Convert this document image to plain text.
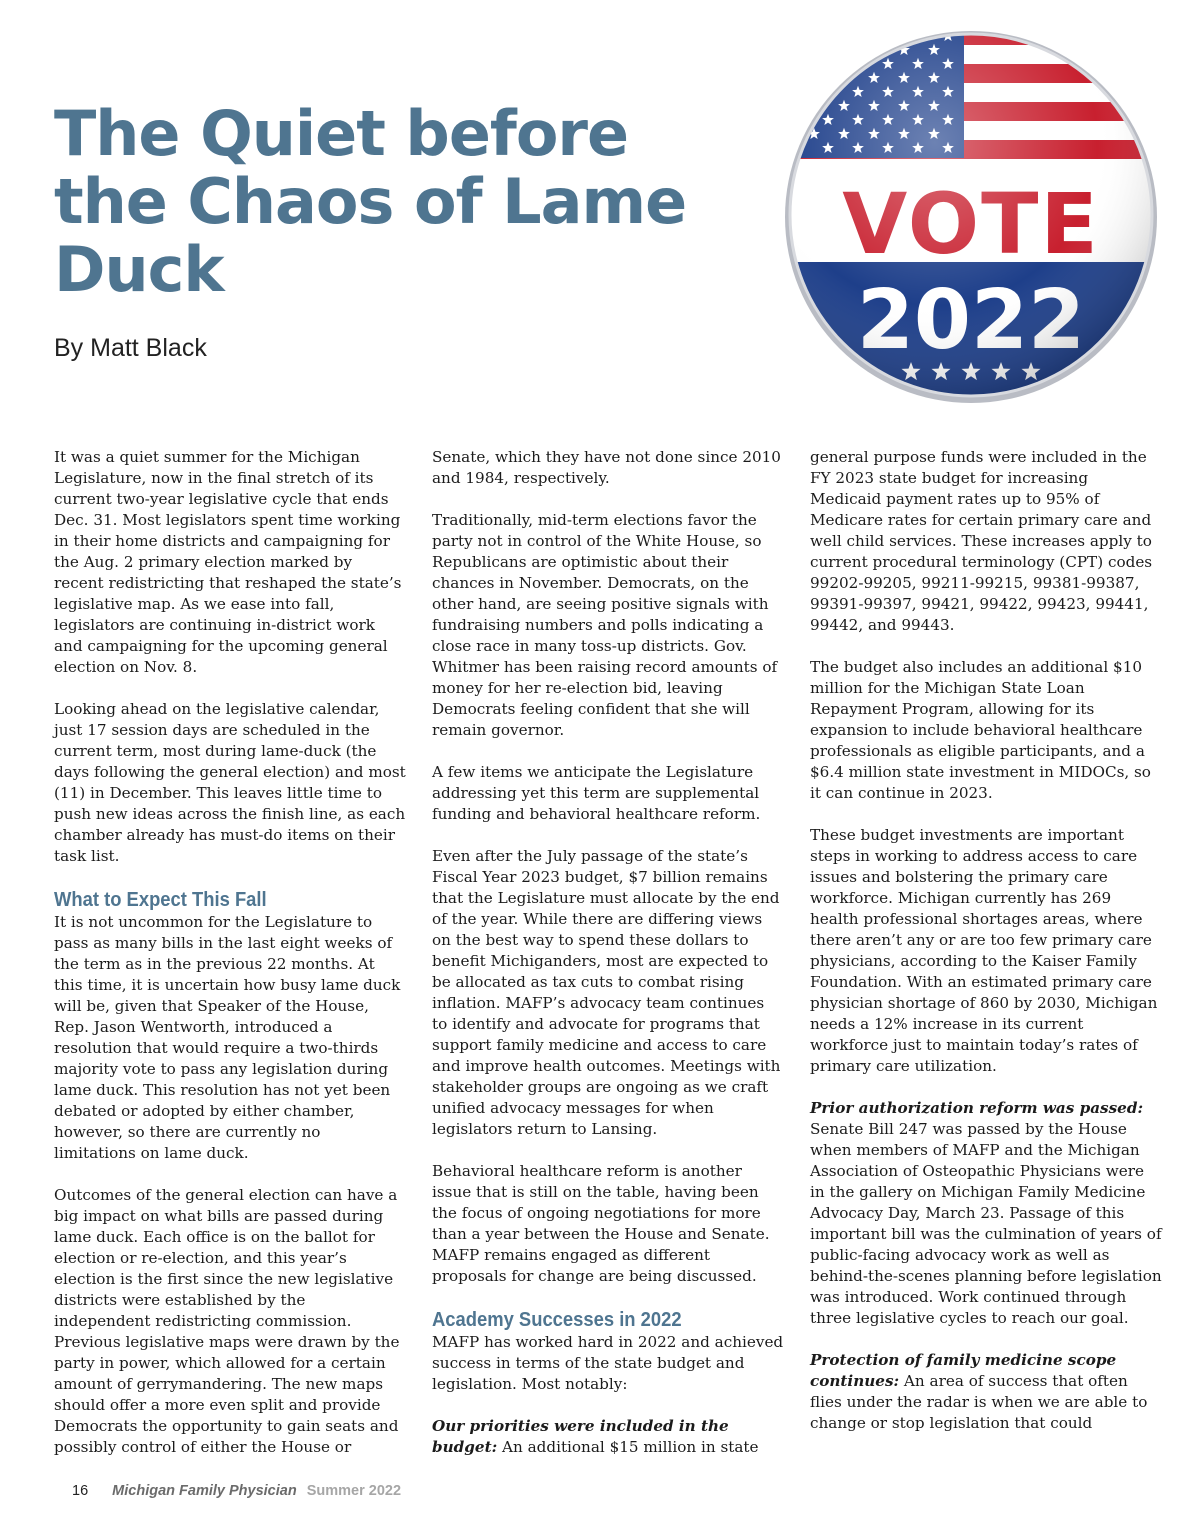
The Quiet before the Chaos of Lame Duck

By Matt Black

It was a quiet summer for the Michigan Legislature, now in the final stretch of its current two-year legislative cycle that ends Dec. 31. Most legislators spent time working in their home districts and campaigning for the Aug. 2 primary election marked by recent redistricting that reshaped the state’s legislative map. As we ease into fall, legislators are continuing in-district work and campaigning for the upcoming general election on Nov. 8.

Looking ahead on the legislative calendar, just 17 session days are scheduled in the current term, most during lame-duck (the days following the general election) and most (11) in December. This leaves little time to push new ideas across the finish line, as each chamber already has must-do items on their task list.

What to Expect This Fall

It is not uncommon for the Legislature to pass as many bills in the last eight weeks of the term as in the previous 22 months. At this time, it is uncertain how busy lame duck will be, given that Speaker of the House, Rep. Jason Wentworth, introduced a resolution that would require a two-thirds majority vote to pass any legislation during lame duck. This resolution has not yet been debated or adopted by either chamber, however, so there are currently no limitations on lame duck.

Outcomes of the general election can have a big impact on what bills are passed during lame duck. Each office is on the ballot for election or re-election, and this year’s election is the first since the new legislative districts were established by the independent redistricting commission. Previous legislative maps were drawn by the party in power, which allowed for a certain amount of gerrymandering. The new maps should offer a more even split and provide Democrats the opportunity to gain seats and possibly control of either the House or

Senate, which they have not done since 2010 and 1984, respectively.

Traditionally, mid-term elections favor the party not in control of the White House, so Republicans are optimistic about their chances in November. Democrats, on the other hand, are seeing positive signals with fundraising numbers and polls indicating a close race in many toss-up districts. Gov. Whitmer has been raising record amounts of money for her re-election bid, leaving Democrats feeling confident that she will remain governor.

A few items we anticipate the Legislature addressing yet this term are supplemental funding and behavioral healthcare reform.

Even after the July passage of the state’s Fiscal Year 2023 budget, $7 billion remains that the Legislature must allocate by the end of the year. While there are differing views on the best way to spend these dollars to benefit Michiganders, most are expected to be allocated as tax cuts to combat rising inflation. MAFP’s advocacy team continues to identify and advocate for programs that support family medicine and access to care and improve health outcomes. Meetings with stakeholder groups are ongoing as we craft unified advocacy messages for when legislators return to Lansing.

Behavioral healthcare reform is another issue that is still on the table, having been the focus of ongoing negotiations for more than a year between the House and Senate. MAFP remains engaged as different proposals for change are being discussed.

Academy Successes in 2022

MAFP has worked hard in 2022 and achieved success in terms of the state budget and legislation. Most notably:

Our priorities were included in the budget: An additional $15 million in state

general purpose funds were included in the FY 2023 state budget for increasing Medicaid payment rates up to 95% of Medicare rates for certain primary care and well child services. These increases apply to current procedural terminology (CPT) codes 99202-99205, 99211-99215, 99381-99387, 99391-99397, 99421, 99422, 99423, 99441, 99442, and 99443.

The budget also includes an additional $10 million for the Michigan State Loan Repayment Program, allowing for its expansion to include behavioral healthcare professionals as eligible participants, and a $6.4 million state investment in MIDOCs, so it can continue in 2023.

These budget investments are important steps in working to address access to care issues and bolstering the primary care workforce. Michigan currently has 269 health professional shortages areas, where there aren’t any or are too few primary care physicians, according to the Kaiser Family Foundation. With an estimated primary care physician shortage of 860 by 2030, Michigan needs a 12% increase in its current workforce just to maintain today’s rates of primary care utilization.

Prior authorization reform was passed: Senate Bill 247 was passed by the House when members of MAFP and the Michigan Association of Osteopathic Physicians were in the gallery on Michigan Family Medicine Advocacy Day, March 23. Passage of this important bill was the culmination of years of public-facing advocacy work as well as behind-the-scenes planning before legislation was introduced. Work continued through three legislative cycles to reach our goal.

Protection of family medicine scope continues: An area of success that often flies under the radar is when we are able to change or stop legislation that could

16 Michigan Family Physician Summer 2022
